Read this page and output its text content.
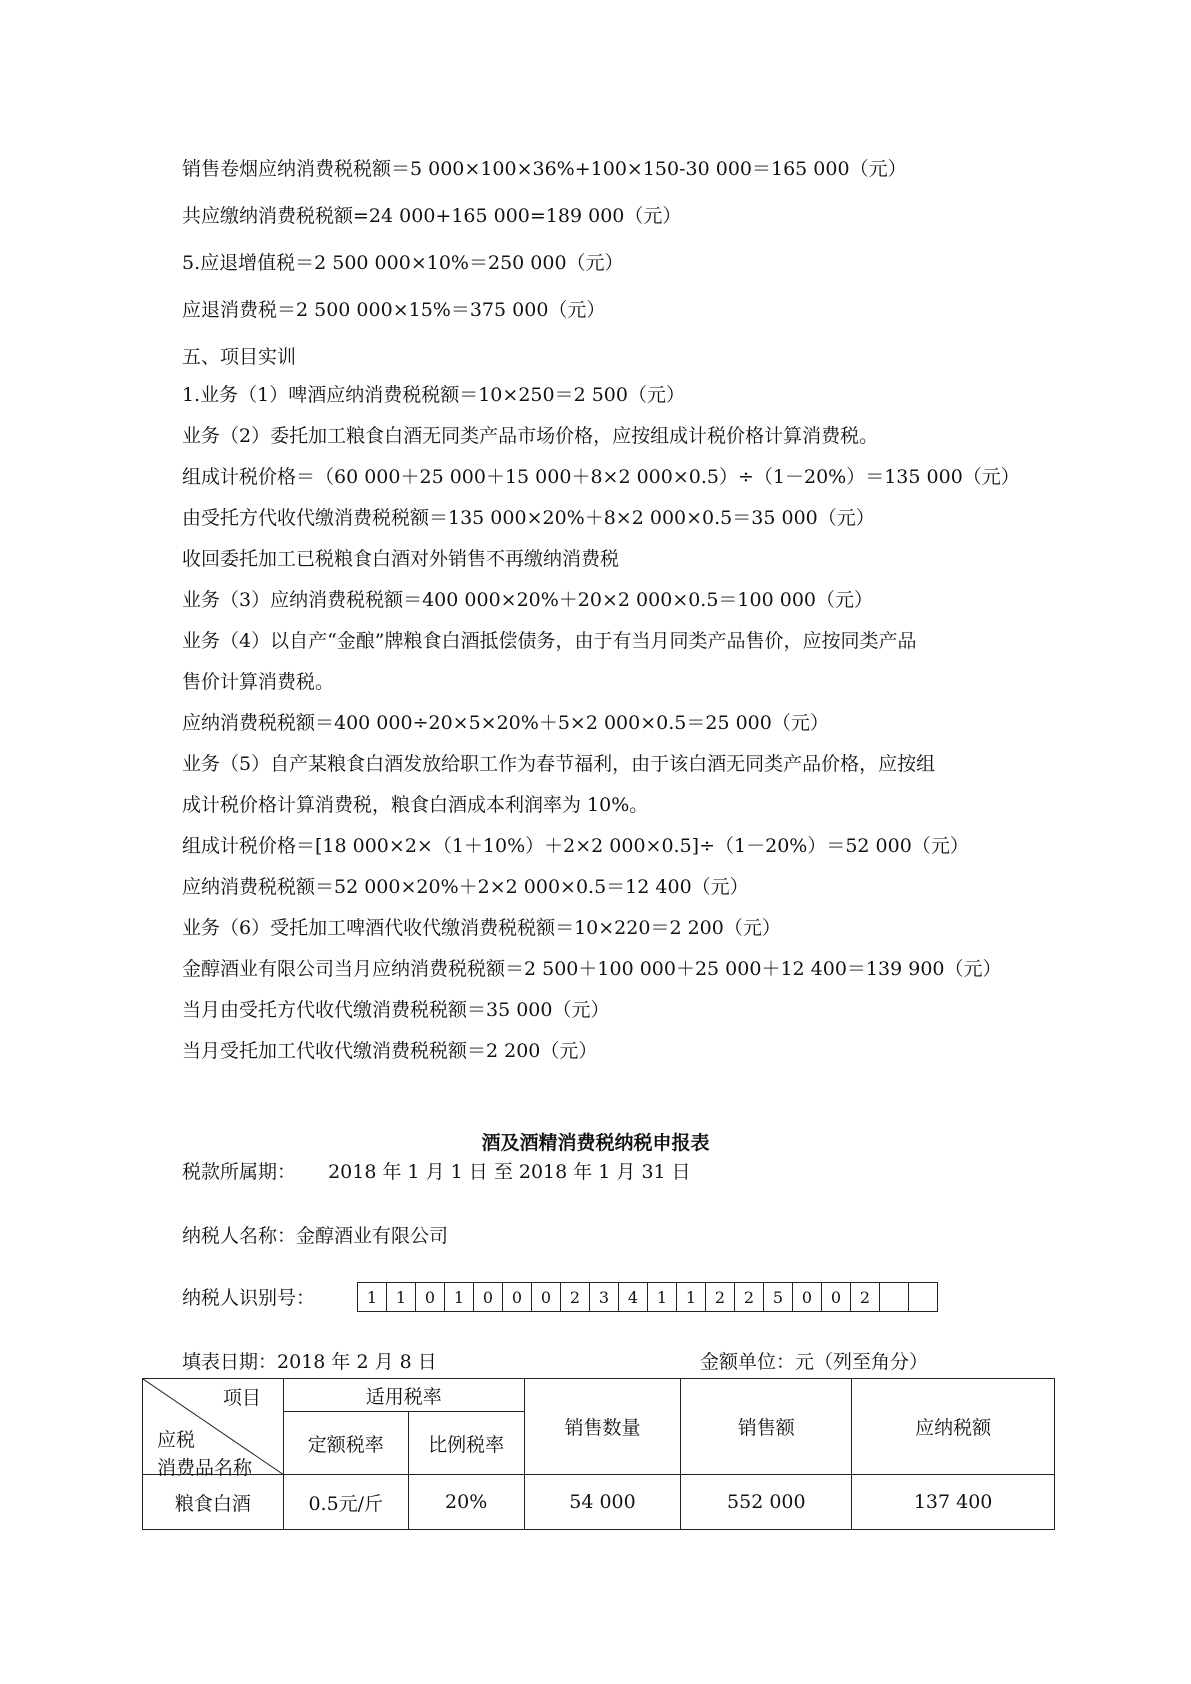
销售卷烟应纳消费税税额＝5 000×100×36%+100×150-30 000＝165 000（元）
共应缴纳消费税税额=24 000+165 000=189 000（元）
5.应退增值税＝2 500 000×10%＝250 000（元）
应退消费税＝2 500 000×15%＝375 000（元）
五、项目实训
1.业务（1）啤酒应纳消费税税额＝10×250＝2 500（元）
业务（2）委托加工粮食白酒无同类产品市场价格，应按组成计税价格计算消费税。
组成计税价格＝（60 000＋25 000＋15 000＋8×2 000×0.5）÷（1－20%）＝135 000（元）
由受托方代收代缴消费税税额＝135 000×20%＋8×2 000×0.5＝35 000（元）
收回委托加工已税粮食白酒对外销售不再缴纳消费税
业务（3）应纳消费税税额＝400 000×20%＋20×2 000×0.5＝100 000（元）
业务（4）以自产“金酿”牌粮食白酒抵偿债务，由于有当月同类产品售价，应按同类产品
售价计算消费税。
应纳消费税税额＝400 000÷20×5×20%＋5×2 000×0.5＝25 000（元）
业务（5）自产某粮食白酒发放给职工作为春节福利，由于该白酒无同类产品价格，应按组
成计税价格计算消费税，粮食白酒成本利润率为 10%。
组成计税价格＝[18 000×2×（1＋10%）＋2×2 000×0.5]÷（1－20%）＝52 000（元）
应纳消费税税额＝52 000×20%＋2×2 000×0.5＝12 400（元）
业务（6）受托加工啤酒代收代缴消费税税额＝10×220＝2 200（元）
金醇酒业有限公司当月应纳消费税税额＝2 500＋100 000＋25 000＋12 400＝139 900（元）
当月由受托方代收代缴消费税税额＝35 000（元）
当月受托加工代收代缴消费税税额＝2 200（元）
酒及酒精消费税纳税申报表
税款所属期： 2018 年 1 月 1 日 至 2018 年 1 月 31 日
纳税人名称：金醇酒业有限公司
纳税人识别号：	1	1	0	1	0	0	0	2	3	4	1	1	2	2	5	0	0	2
填表日期：2018 年 2 月 8 日	金额单位：元（列至角分）
项目
应税
消费品名称	适用税率		销售数量	销售额	应纳税额
	定额税率	比例税率			
粮食白酒	0.5元/斤	20%	54 000	552 000	137 400
